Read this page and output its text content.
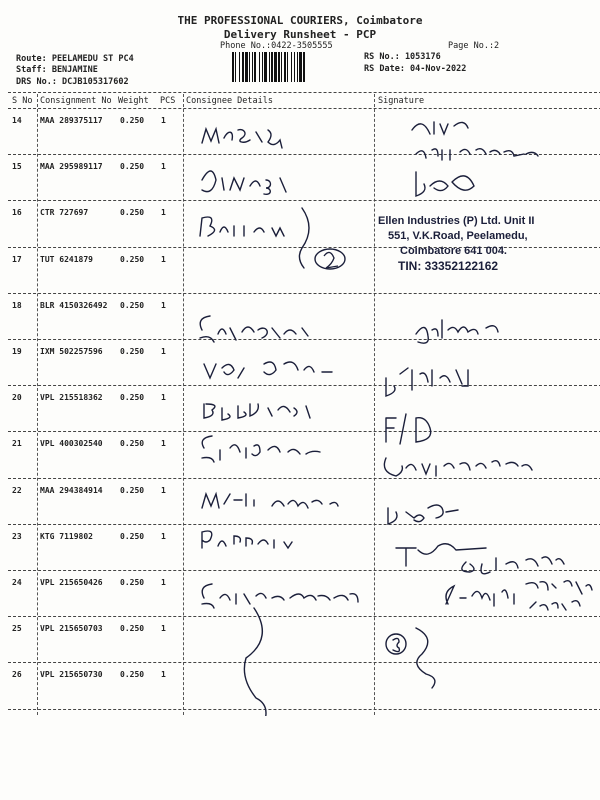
THE PROFESSIONAL COURIERS, Coimbatore
Delivery Runsheet - PCP
Phone No.:0422-3505555	Page No.:2
Route: PEELAMEDU ST PC4
Staff: BENJAMINE
DRS No.: DCJB105317602
RS No.: 1053176
RS Date: 04-Nov-2022
S No Consignment No Weight PCS Consignee Details	Signature
14 MAA 289375117 0.250 1
15 MAA 295989117 0.250 1
16 CTR 727697	0.250 1
17 TUT 6241879	0.250 1
18 BLR 4150326492 0.250 1
19 IXM 502257596 0.250 1
20 VPL 215518362 0.250 1
21 VPL 400302540 0.250 1
22 MAA 294384914 0.250 1
23 KTG 7119802	0.250 1
24 VPL 215650426 0.250 1
25 VPL 215650703 0.250 1
26 VPL 215650730 0.250 1
Ellen Industries (P) Ltd. Unit II
551, V.K.Road, Peelamedu,
Coimbatore 641 004.
TIN: 33352122162
